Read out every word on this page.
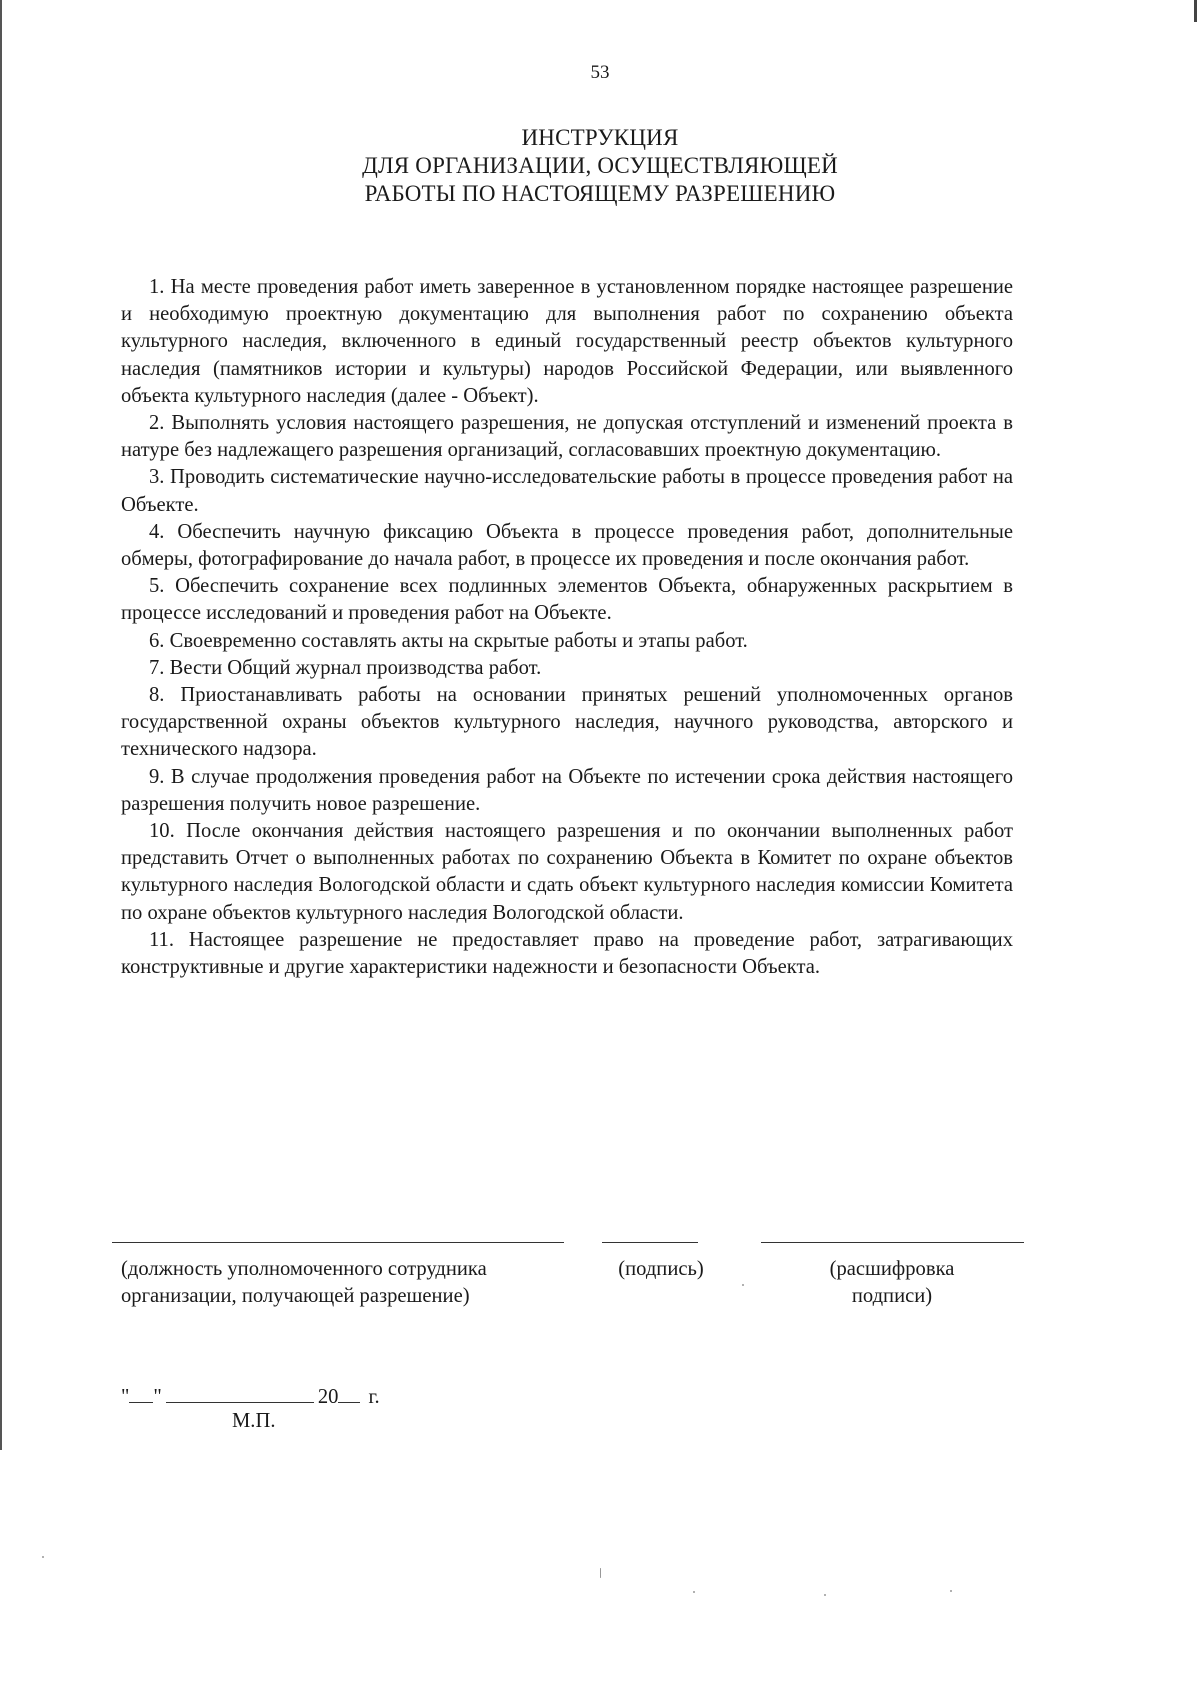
53
ИНСТРУКЦИЯ
ДЛЯ ОРГАНИЗАЦИИ, ОСУЩЕСТВЛЯЮЩЕЙ
РАБОТЫ ПО НАСТОЯЩЕМУ РАЗРЕШЕНИЮ

1. На месте проведения работ иметь заверенное в установленном порядке настоящее разрешение и необходимую проектную документацию для выполнения работ по сохранению объекта культурного наследия, включенного в единый государственный реестр объектов культурного наследия (памятников истории и культуры) народов Российской Федерации, или выявленного объекта культурного наследия (далее - Объект).

2. Выполнять условия настоящего разрешения, не допуская отступлений и изменений проекта в натуре без надлежащего разрешения организаций, согласовавших проектную документацию.

3. Проводить систематические научно-исследовательские работы в процессе проведения работ на Объекте.

4. Обеспечить научную фиксацию Объекта в процессе проведения работ, дополнительные обмеры, фотографирование до начала работ, в процессе их проведения и после окончания работ.

5. Обеспечить сохранение всех подлинных элементов Объекта, обнаруженных раскрытием в процессе исследований и проведения работ на Объекте.

6. Своевременно составлять акты на скрытые работы и этапы работ.

7. Вести Общий журнал производства работ.

8. Приостанавливать работы на основании принятых решений уполномоченных органов государственной охраны объектов культурного наследия, научного руководства, авторского и технического надзора.

9. В случае продолжения проведения работ на Объекте по истечении срока действия настоящего разрешения получить новое разрешение.

10. После окончания действия настоящего разрешения и по окончании выполненных работ представить Отчет о выполненных работах по сохранению Объекта в Комитет по охране объектов культурного наследия Вологодской области и сдать объект культурного наследия комиссии Комитета по охране объектов культурного наследия Вологодской области.

11. Настоящее разрешение не предоставляет право на проведение работ, затрагивающих конструктивные и другие характеристики надежности и безопасности Объекта.

(должность уполномоченного сотрудника
организации, получающей разрешение)
(подпись)	(расшифровка
подписи)
" "	20 г.
М.П.
